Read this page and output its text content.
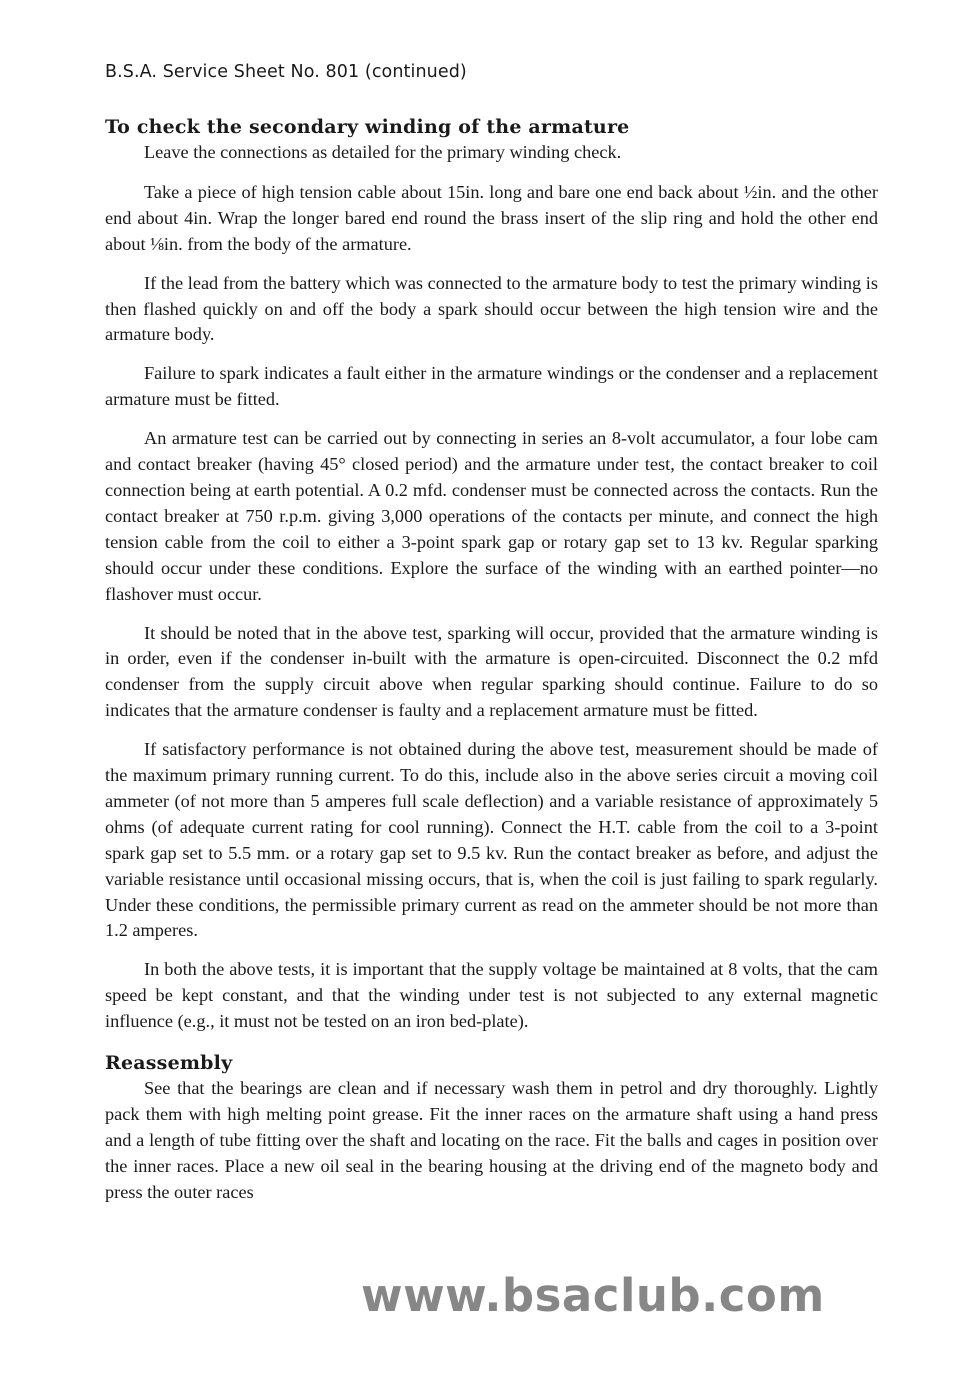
B.S.A. Service Sheet No. 801 (continued)
To check the secondary winding of the armature

Leave the connections as detailed for the primary winding check.

Take a piece of high tension cable about 15in. long and bare one end back about ½in. and the other end about 4in. Wrap the longer bared end round the brass insert of the slip ring and hold the other end about ⅛in. from the body of the armature.

If the lead from the battery which was connected to the armature body to test the primary winding is then flashed quickly on and off the body a spark should occur between the high tension wire and the armature body.

Failure to spark indicates a fault either in the armature windings or the condenser and a replacement armature must be fitted.

An armature test can be carried out by connecting in series an 8-volt accumulator, a four lobe cam and contact breaker (having 45° closed period) and the armature under test, the contact breaker to coil connection being at earth potential. A 0.2 mfd. condenser must be connected across the contacts. Run the contact breaker at 750 r.p.m. giving 3,000 operations of the contacts per minute, and connect the high tension cable from the coil to either a 3-point spark gap or rotary gap set to 13 kv. Regular sparking should occur under these conditions. Explore the surface of the winding with an earthed pointer—no flashover must occur.

It should be noted that in the above test, sparking will occur, provided that the armature winding is in order, even if the condenser in-built with the armature is open-circuited. Disconnect the 0.2 mfd condenser from the supply circuit above when regular sparking should continue. Failure to do so indicates that the armature condenser is faulty and a replacement armature must be fitted.

If satisfactory performance is not obtained during the above test, measurement should be made of the maximum primary running current. To do this, include also in the above series circuit a moving coil ammeter (of not more than 5 amperes full scale deflection) and a variable resistance of approximately 5 ohms (of adequate current rating for cool running). Connect the H.T. cable from the coil to a 3-point spark gap set to 5.5 mm. or a rotary gap set to 9.5 kv. Run the contact breaker as before, and adjust the variable resistance until occasional missing occurs, that is, when the coil is just failing to spark regularly. Under these conditions, the permissible primary current as read on the ammeter should be not more than 1.2 amperes.

In both the above tests, it is important that the supply voltage be maintained at 8 volts, that the cam speed be kept constant, and that the winding under test is not subjected to any external magnetic influence (e.g., it must not be tested on an iron bed-plate).

Reassembly

See that the bearings are clean and if necessary wash them in petrol and dry thoroughly. Lightly pack them with high melting point grease. Fit the inner races on the armature shaft using a hand press and a length of tube fitting over the shaft and locating on the race. Fit the balls and cages in position over the inner races. Place a new oil seal in the bearing housing at the driving end of the magneto body and press the outer races

www.bsaclub.com
